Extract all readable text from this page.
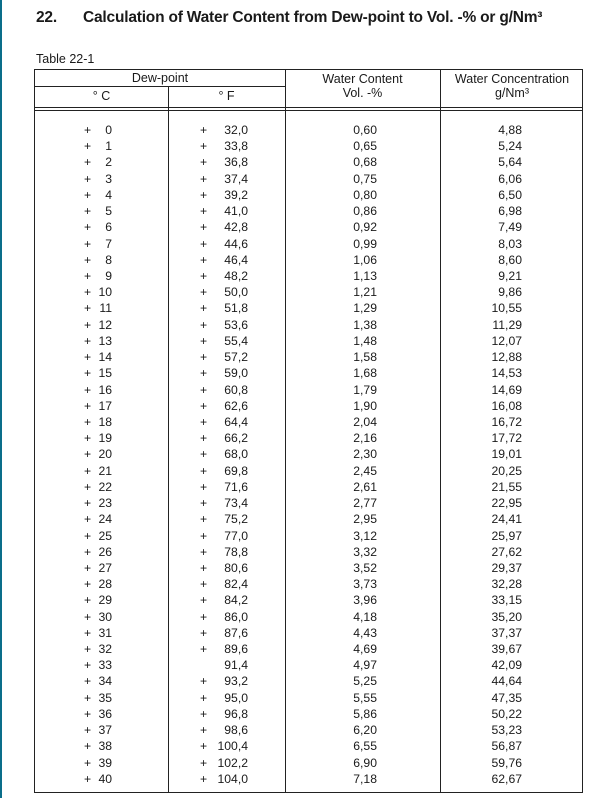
22. Calculation of Water Content from Dew-point to Vol. -% or g/Nm³
Table 22-1
Dew-point
° C	° F
Water Content
Vol. -%
Water Concentration
g/Nm³
+ 0	+ 32,0	0,60	4,88
+ 1	+ 33,8	0,65	5,24
+ 2	+ 36,8	0,68	5,64
+ 3	+ 37,4	0,75	6,06
+ 4	+ 39,2	0,80	6,50
+ 5	+ 41,0	0,86	6,98
+ 6	+ 42,8	0,92	7,49
+ 7	+ 44,6	0,99	8,03
+ 8	+ 46,4	1,06	8,60
+ 9	+ 48,2	1,13	9,21
+ 10	+ 50,0	1,21	9,86
+ 11	+ 51,8	1,29	10,55
+ 12	+ 53,6	1,38	11,29
+ 13	+ 55,4	1,48	12,07
+ 14	+ 57,2	1,58	12,88
+ 15	+ 59,0	1,68	14,53
+ 16	+ 60,8	1,79	14,69
+ 17	+ 62,6	1,90	16,08
+ 18	+ 64,4	2,04	16,72
+ 19	+ 66,2	2,16	17,72
+ 20	+ 68,0	2,30	19,01
+ 21	+ 69,8	2,45	20,25
+ 22	+ 71,6	2,61	21,55
+ 23	+ 73,4	2,77	22,95
+ 24	+ 75,2	2,95	24,41
+ 25	+ 77,0	3,12	25,97
+ 26	+ 78,8	3,32	27,62
+ 27	+ 80,6	3,52	29,37
+ 28	+ 82,4	3,73	32,28
+ 29	+ 84,2	3,96	33,15
+ 30	+ 86,0	4,18	35,20
+ 31	+ 87,6	4,43	37,37
+ 32	+ 89,6	4,69	39,67
+ 33	91,4	4,97	42,09
+ 34	+ 93,2	5,25	44,64
+ 35	+ 95,0	5,55	47,35
+ 36	+ 96,8	5,86	50,22
+ 37	+ 98,6	6,20	53,23
+ 38	+ 100,4	6,55	56,87
+ 39	+ 102,2	6,90	59,76
+ 40	+ 104,0	7,18	62,67
